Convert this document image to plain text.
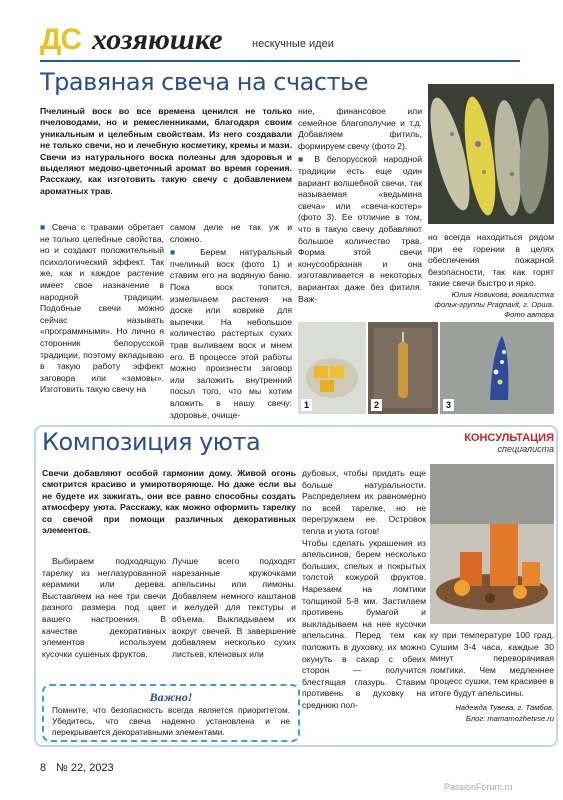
ДС хозяюшке	нескучные идеи
Травяная свеча на счастье
Пчелиный воск во все времена ценился не только пчеловодами, но и ремесленниками, благодаря своим уникальным и целебным свойствам. Из него создавали не только свечи, но и лечебную косметику, кремы и мази. Свечи из натурального воска полезны для здоровья и выделяют медово-цветочный аромат во время горения. Расскажу, как изготовить такую свечу с добавлением ароматных трав.
■ Свеча с травами обретает не только целебные свойства, но и создают положительный психологический эффект. Так же, как и каждое растение имеет свое назначение в народной традиции. Подобные свечи можно сейчас называть «программными». Но лично я сторонник белорусской традиции, поэтому вкладываю в такую работу эффект заговора или «замовы». Изготовить такую свечу на

самом деле не так уж и сложно.

■ Берем натуральный пчелиный воск (фото 1) и ставим его на водяную баню. Пока воск топится, измельчаем растения на доске или коврике для выпечки. На небольшое количество растертых сухих трав выливаем воск и мнем его. В процессе этой работы можно произнести заговор или заложить внутренний посыл того, что мы хотим вложить в нашу свечу: здоровье, очище-

ние, финансовое или семейное благополучие и т.д. Добавляем фитиль, формируем свечу (фото 2).

■ В белорусской народной традиции есть еще один вариант волшебной свечи, так называемая «ведьмина свеча» или «свеча-костер» (фото 3). Ее отличие в том, что в такую свечу добавляют большое количество трав. Форма этой свечи конусообразная и она изготавливается в некоторых вариантах даже без фитиля. Важ-

но всегда находиться рядом при ее горении в целях обеспечения пожарной безопасности, так как горят такие свечи быстро и ярко.
Юлия Новикова, вокалистка фольк-группы Pragnavit, г. Орша. Фото автора
1	2	3
Композиция уюта	КОНСУЛЬТАЦИЯ
специалиста
Свечи добавляют особой гармонии дому. Живой огонь смотрится красиво и умиротворяюще. Но даже если вы не будете их зажигать, они все равно способны создать атмосферу уюта. Расскажу, как можно оформить тарелку со свечой при помощи различных декоративных элементов.
Выбираем подходящую тарелку из неглазурованной керамики или дерева. Выставляем на нее три свечи разного размера под цвет вашего настроения. В качестве декоративных элементов используем кусочки сушеных фруктов.
Лучше всего подходят нарезанные кружочками апельсины или лимоны. Добавляем немного каштанов и желудей для текстуры и объема. Выкладываем их вокруг свечей. В завершение добавляем несколько сухих листьев, кленовых или

дубовых, чтобы придать еще больше натуральности. Распределяем их равномерно по всей тарелке, но не перегружаем ее. Островок тепла и уюта готов!

Чтобы сделать украшения из апельсинов, берем несколько больших, спелых и покрытых толстой кожурой фруктов. Нарезаем на ломтики толщиной 5-8 мм. Застилаем противень бумагой и выкладываем на нее кусочки апельсина. Перед тем как положить в духовку, их можно окунуть в сахар с обеих сторон — получится блестящая глазурь. Ставим противень в духовку на среднюю пол-

ку при температуре 100 град. Сушим 3-4 часа, каждые 30 минут переворачивая ломтики. Чем медленнее процесс сушки, тем красивее в итоге будут апельсины.
Надежда Тувева, г. Тамбов.
Блог: mamamozhetvse.ru
Важно!
Помните, что безопасность всегда является приоритетом. Убедитесь, что свеча надежно установлена и не перекрывается декоративными элементами.
8 № 22, 2023
PassionForum.ru
